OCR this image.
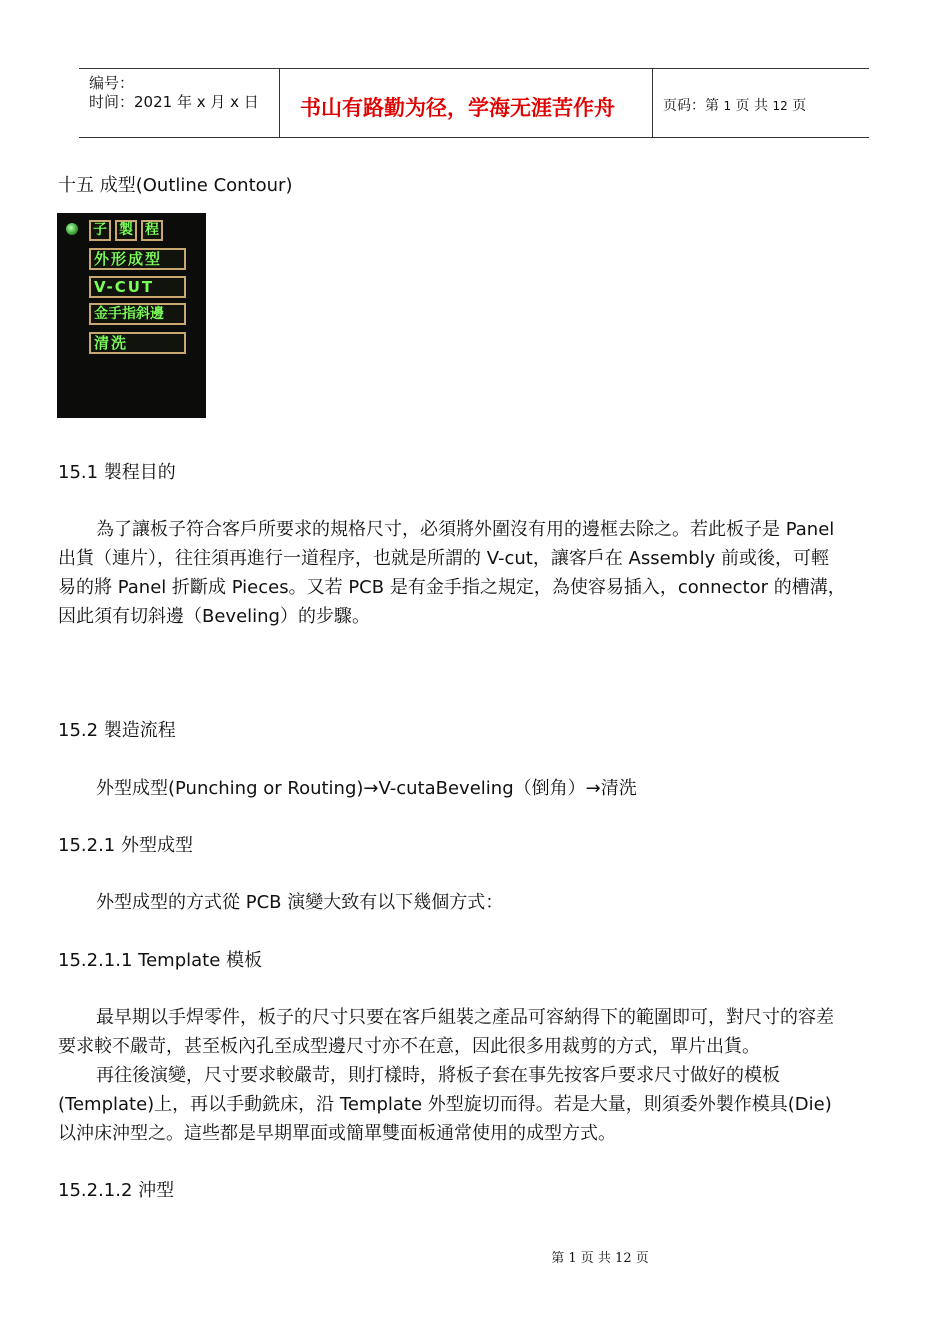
编号：
时间：2021 年 x 月 x 日 书山有路勤为径，学海无涯苦作舟	页码：第 1 页 共 12 页
十五 成型(Outline Contour)
子 製 程
外形成型
V-CUT
金手指斜邊
清洗
15.1 製程目的
為了讓板子符合客戶所要求的規格尺寸，必須將外圍沒有用的邊框去除之。若此板子是 Panel
出貨（連片），往往須再進行一道程序，也就是所謂的 V-cut，讓客戶在 Assembly 前或後，可輕
易的將 Panel 折斷成 Pieces。又若 PCB 是有金手指之規定，為使容易插入，connector 的槽溝，
因此須有切斜邊（Beveling）的步驟。
15.2 製造流程
外型成型(Punching or Routing)→V-cutaBeveling（倒角）→清洗
15.2.1 外型成型
外型成型的方式從 PCB 演變大致有以下幾個方式：
15.2.1.1 Template 模板
最早期以手焊零件，板子的尺寸只要在客戶組裝之產品可容納得下的範圍即可，對尺寸的容差
要求較不嚴苛，甚至板內孔至成型邊尺寸亦不在意，因此很多用裁剪的方式，單片出貨。
再往後演變，尺寸要求較嚴苛，則打樣時，將板子套在事先按客戶要求尺寸做好的模板
(Template)上，再以手動銑床，沿 Template 外型旋切而得。若是大量，則須委外製作模具(Die)
以沖床沖型之。這些都是早期單面或簡單雙面板通常使用的成型方式。
15.2.1.2 沖型
第 1 页 共 12 页
